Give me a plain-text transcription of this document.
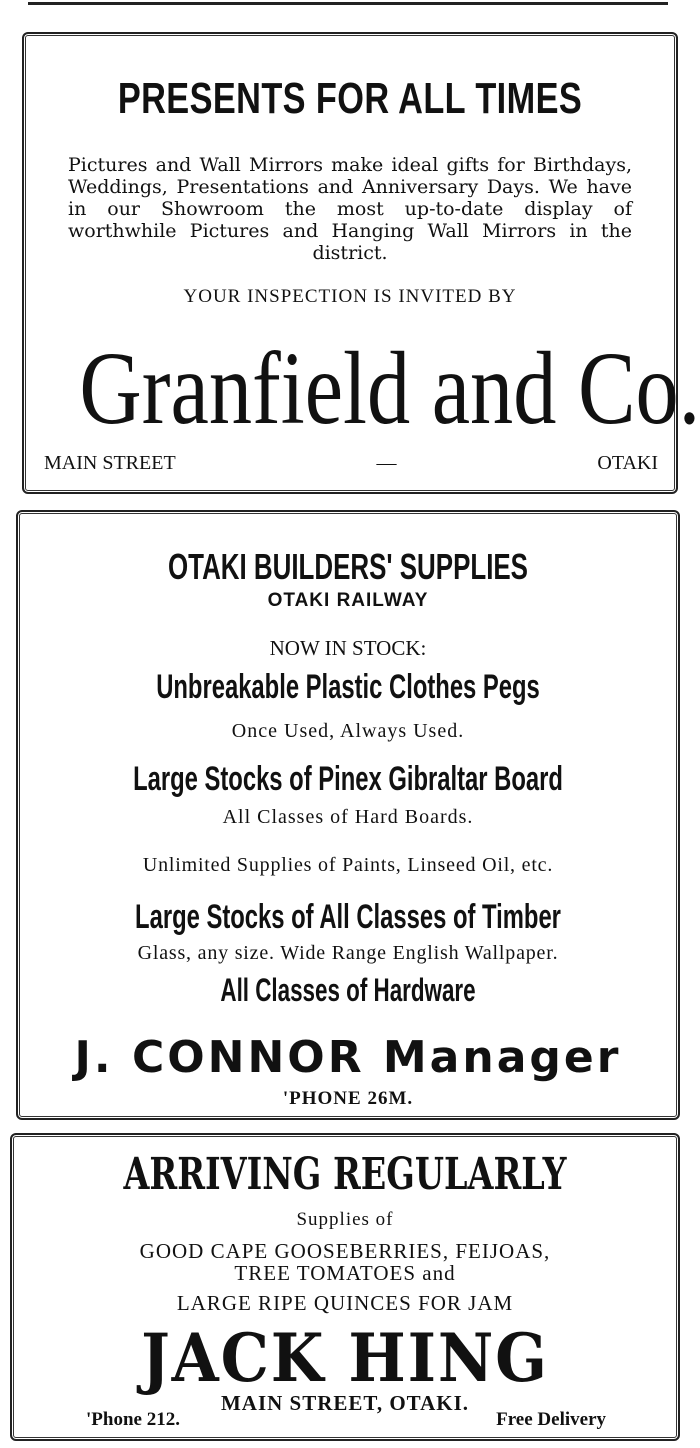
PRESENTS FOR ALL TIMES

Pictures and Wall Mirrors make ideal gifts for Birthdays, Weddings, Presentations and Anniversary Days. We have in our Showroom the most up-to-date display of worthwhile Pictures and Hanging Wall Mirrors in the district.

YOUR INSPECTION IS INVITED BY
Granfield and Co.
MAIN STREET	—	OTAKI
OTAKI BUILDERS' SUPPLIES
OTAKI RAILWAY
NOW IN STOCK:
Unbreakable Plastic Clothes Pegs
Once Used, Always Used.
Large Stocks of Pinex Gibraltar Board
All Classes of Hard Boards.
Unlimited Supplies of Paints, Linseed Oil, etc.
Large Stocks of All Classes of Timber
Glass, any size. Wide Range English Wallpaper.
All Classes of Hardware
J. CONNOR Manager
'PHONE 26M.
ARRIVING REGULARLY
Supplies of
GOOD CAPE GOOSEBERRIES, FEIJOAS,
TREE TOMATOES and
LARGE RIPE QUINCES FOR JAM
JACK HING
MAIN STREET, OTAKI.
'Phone 212.	Free Delivery
